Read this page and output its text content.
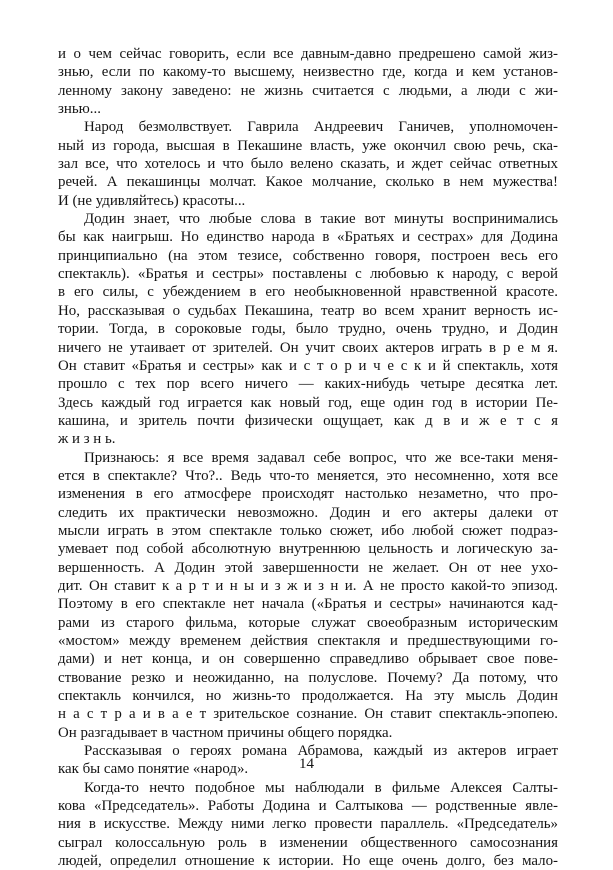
и о чем сейчас говорить, если все давным-давно предрешено самой жиз-
знью, если по какому-то высшему, неизвестно где, когда и кем установ-
ленному закону заведено: не жизнь считается с людьми, а люди с жи-
знью...
Народ безмолвствует. Гаврила Андреевич Ганичев, уполномочен-
ный из города, высшая в Пекашине власть, уже окончил свою речь, ска-
зал все, что хотелось и что было велено сказать, и ждет сейчас ответных
речей. А пекашинцы молчат. Какое молчание, сколько в нем мужества!
И (не удивляйтесь) красоты...
Додин знает, что любые слова в такие вот минуты воспринимались
бы как наигрыш. Но единство народа в «Братьях и сестрах» для Додина
принципиально (на этом тезисе, собственно говоря, построен весь его
спектакль). «Братья и сестры» поставлены с любовью к народу, с верой
в его силы, с убеждением в его необыкновенной нравственной красоте.
Но, рассказывая о судьбах Пекашина, театр во всем хранит верность ис-
тории. Тогда, в сороковые годы, было трудно, очень трудно, и Додин
ничего не утаивает от зрителей. Он учит своих актеров играть в р е м я.
Он ставит «Братья и сестры» как и с т о р и ч е с к и й спектакль, хотя
прошло с тех пор всего ничего — каких-нибудь четыре десятка лет.
Здесь каждый год играется как новый год, еще один год в истории Пе-
кашина, и зритель почти физически ощущает, как д в и ж е т с я
ж и з н ь.
Признаюсь: я все время задавал себе вопрос, что же все-таки меня-
ется в спектакле? Что?.. Ведь что-то меняется, это несомненно, хотя все
изменения в его атмосфере происходят настолько незаметно, что про-
следить их практически невозможно. Додин и его актеры далеки от
мысли играть в этом спектакле только сюжет, ибо любой сюжет подраз-
умевает под собой абсолютную внутреннюю цельность и логическую за-
вершенность. А Додин этой завершенности не желает. Он от нее ухо-
дит. Он ставит к а р т и н ы и з ж и з н и. А не просто какой-то эпизод.
Поэтому в его спектакле нет начала («Братья и сестры» начинаются кад-
рами из старого фильма, которые служат своеобразным историческим
«мостом» между временем действия спектакля и предшествующими го-
дами) и нет конца, и он совершенно справедливо обрывает свое пове-
ствование резко и неожиданно, на полуслове. Почему? Да потому, что
спектакль кончился, но жизнь-то продолжается. На эту мысль Додин
н а с т р а и в а е т зрительское сознание. Он ставит спектакль-эпопею.
Он разгадывает в частном причины общего порядка.
Рассказывая о героях романа Абрамова, каждый из актеров играет
как бы само понятие «народ».
Когда-то нечто подобное мы наблюдали в фильме Алексея Салты-
кова «Председатель». Работы Додина и Салтыкова — родственные явле-
ния в искусстве. Между ними легко провести параллель. «Председатель»
сыграл колоссальную роль в изменении общественного самосознания
людей, определил отношение к истории. Но еще очень долго, без мало-
14
